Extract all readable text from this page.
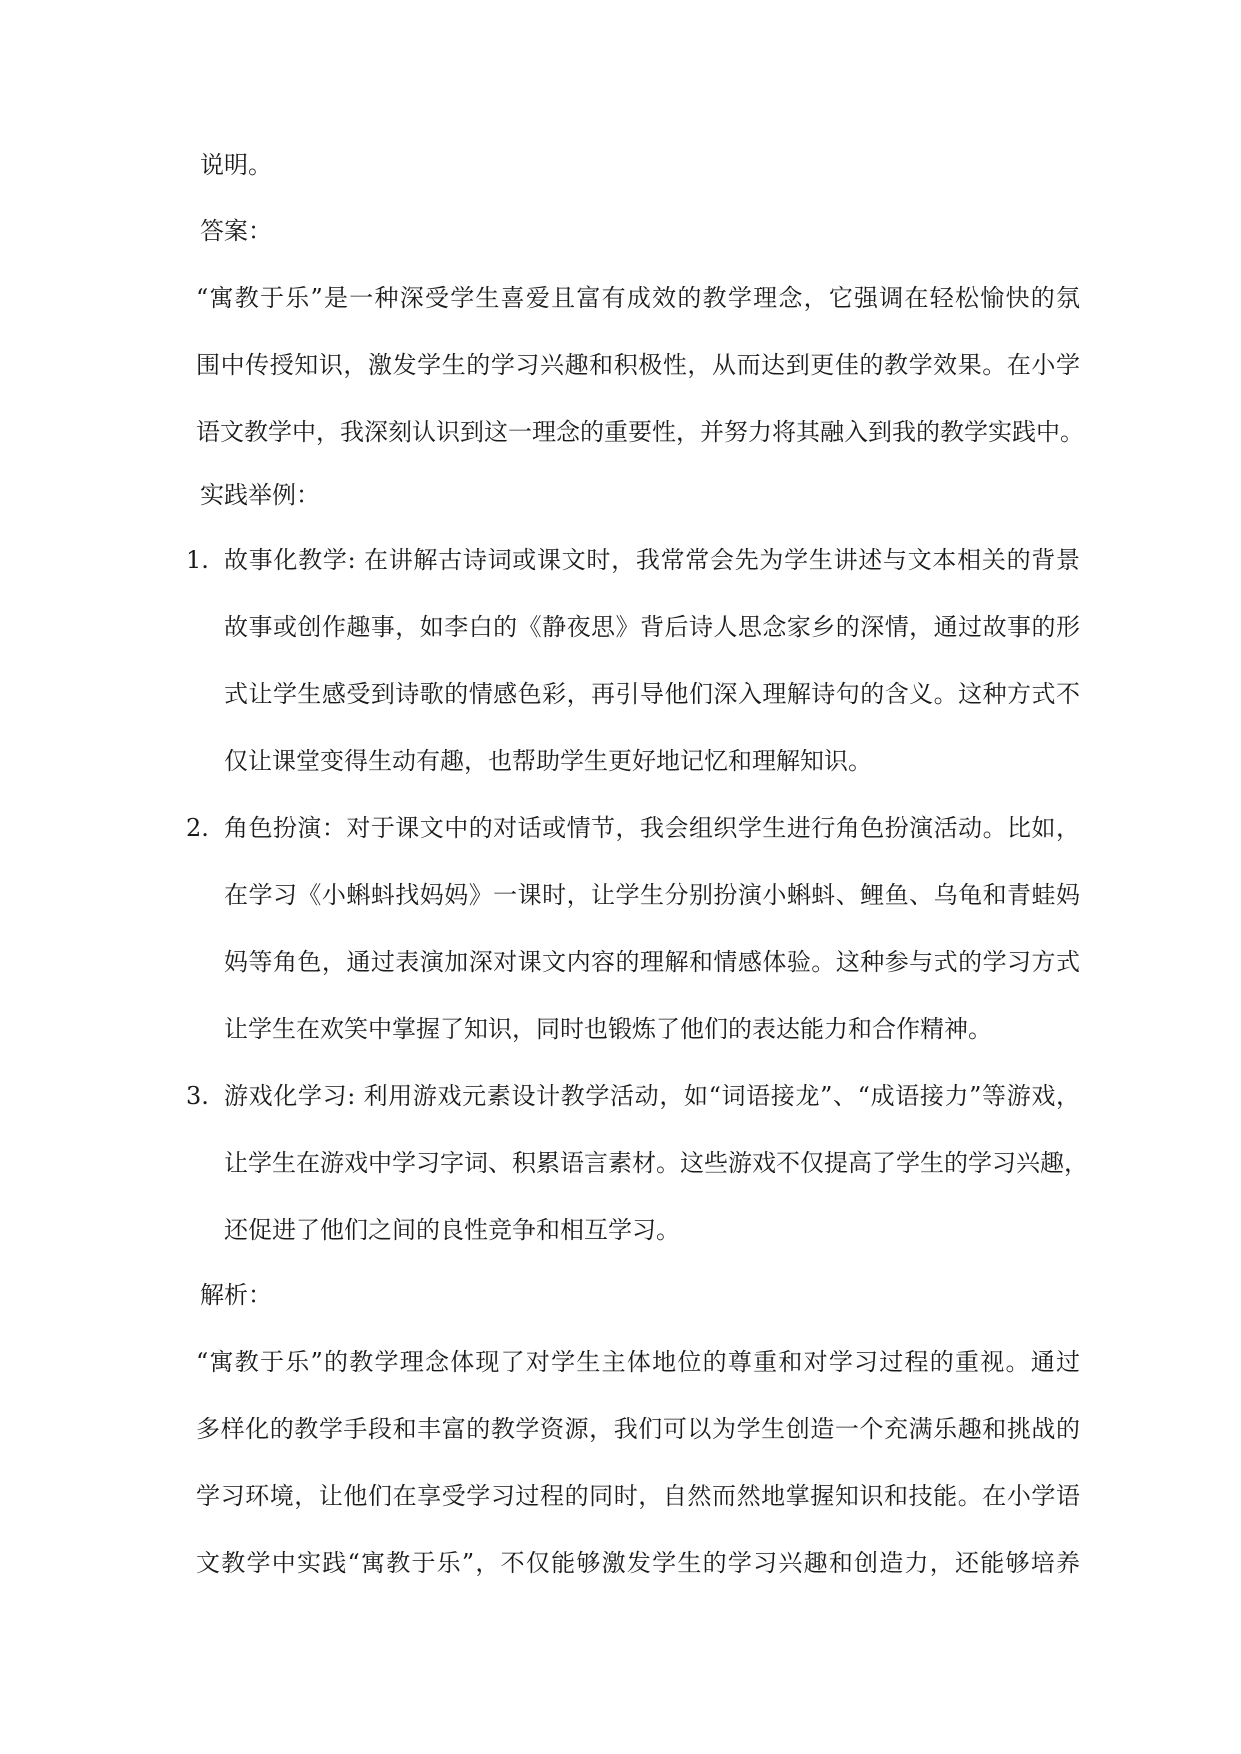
说明。

答案：

“寓教于乐”是一种深受学生喜爱且富有成效的教学理念，它强调在轻松愉快的氛

围中传授知识，激发学生的学习兴趣和积极性，从而达到更佳的教学效果。在小学

语文教学中，我深刻认识到这一理念的重要性，并努力将其融入到我的教学实践中。

实践举例：

1. 故事化教学: 在讲解古诗词或课文时，我常常会先为学生讲述与文本相关的背景

故事或创作趣事，如李白的《静夜思》背后诗人思念家乡的深情，通过故事的形

式让学生感受到诗歌的情感色彩，再引导他们深入理解诗句的含义。这种方式不

仅让课堂变得生动有趣，也帮助学生更好地记忆和理解知识。

2. 角色扮演：对于课文中的对话或情节，我会组织学生进行角色扮演活动。比如，

在学习《小蝌蚪找妈妈》一课时，让学生分别扮演小蝌蚪、鲤鱼、乌龟和青蛙妈

妈等角色，通过表演加深对课文内容的理解和情感体验。这种参与式的学习方式

让学生在欢笑中掌握了知识，同时也锻炼了他们的表达能力和合作精神。

3. 游戏化学习: 利用游戏元素设计教学活动，如“词语接龙”、“成语接力”等游戏，

让学生在游戏中学习字词、积累语言素材。这些游戏不仅提高了学生的学习兴趣，

还促进了他们之间的良性竞争和相互学习。

解析：

“寓教于乐”的教学理念体现了对学生主体地位的尊重和对学习过程的重视。通过

多样化的教学手段和丰富的教学资源，我们可以为学生创造一个充满乐趣和挑战的

学习环境，让他们在享受学习过程的同时，自然而然地掌握知识和技能。在小学语

文教学中实践“寓教于乐”，不仅能够激发学生的学习兴趣和创造力，还能够培养
